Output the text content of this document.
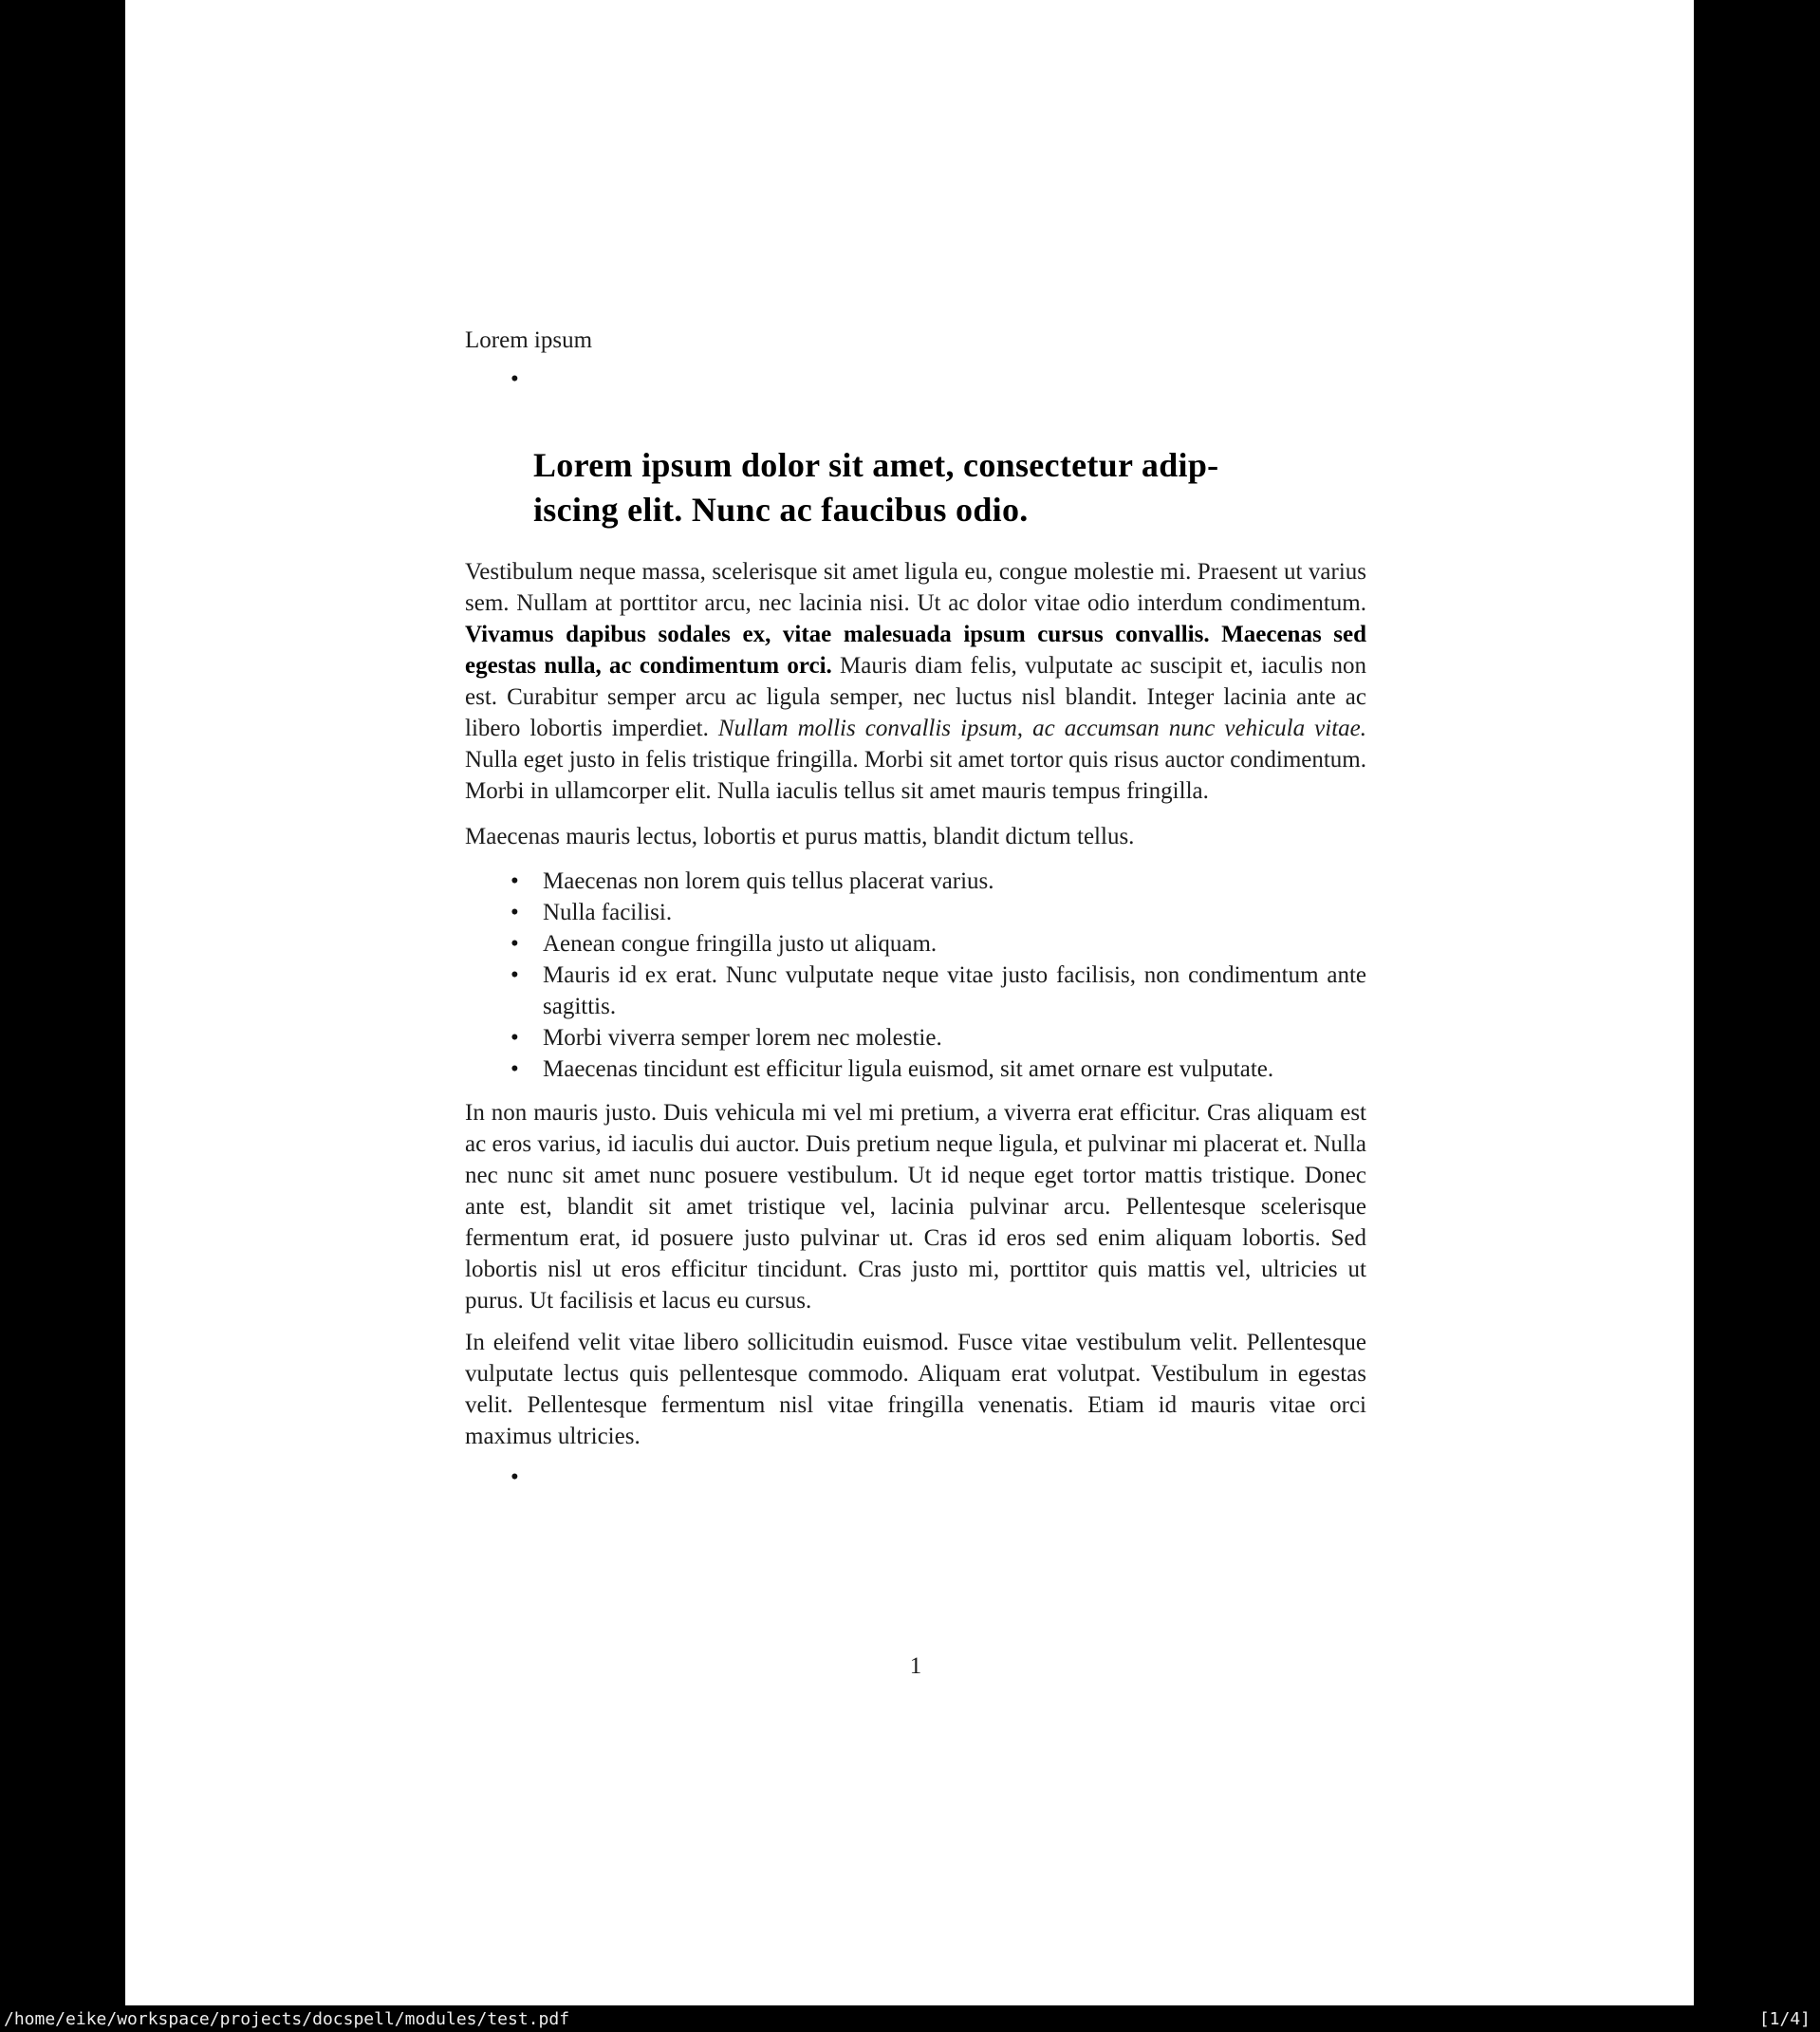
Lorem ipsum

•
Lorem ipsum dolor sit amet, consectetur adip-
iscing elit. Nunc ac faucibus odio.

Vestibulum neque massa, scelerisque sit amet ligula eu, congue molestie mi. Praesent ut varius sem. Nullam at porttitor arcu, nec lacinia nisi. Ut ac dolor vitae odio interdum condimentum. Vivamus dapibus sodales ex, vitae malesuada ipsum cursus convallis. Maecenas sed egestas nulla, ac condimentum orci. Mauris diam felis, vulputate ac suscipit et, iaculis non est. Curabitur semper arcu ac ligula semper, nec luctus nisl blandit. Integer lacinia ante ac libero lobortis imperdiet. Nullam mollis convallis ipsum, ac accumsan nunc vehicula vitae. Nulla eget justo in felis tristique fringilla. Morbi sit amet tortor quis risus auctor condimentum. Morbi in ullamcorper elit. Nulla iaculis tellus sit amet mauris tempus fringilla.

Maecenas mauris lectus, lobortis et purus mattis, blandit dictum tellus.

• Maecenas non lorem quis tellus placerat varius.
• Nulla facilisi.
• Aenean congue fringilla justo ut aliquam.
• Mauris id ex erat. Nunc vulputate neque vitae justo facilisis, non condimentum ante sagittis.
• Morbi viverra semper lorem nec molestie.
• Maecenas tincidunt est efficitur ligula euismod, sit amet ornare est vulputate.

In non mauris justo. Duis vehicula mi vel mi pretium, a viverra erat efficitur. Cras aliquam est ac eros varius, id iaculis dui auctor. Duis pretium neque ligula, et pulvinar mi placerat et. Nulla nec nunc sit amet nunc posuere vestibulum. Ut id neque eget tortor mattis tristique. Donec ante est, blandit sit amet tristique vel, lacinia pulvinar arcu. Pellentesque scelerisque fermentum erat, id posuere justo pulvinar ut. Cras id eros sed enim aliquam lobortis. Sed lobortis nisl ut eros efficitur tincidunt. Cras justo mi, porttitor quis mattis vel, ultricies ut purus. Ut facilisis et lacus eu cursus.

In eleifend velit vitae libero sollicitudin euismod. Fusce vitae vestibulum velit. Pellentesque vulputate lectus quis pellentesque commodo. Aliquam erat volutpat. Vestibulum in egestas velit. Pellentesque fermentum nisl vitae fringilla venenatis. Etiam id mauris vitae orci maximus ultricies.

•
1
/home/eike/workspace/projects/docspell/modules/test.pdf	[1/4]
